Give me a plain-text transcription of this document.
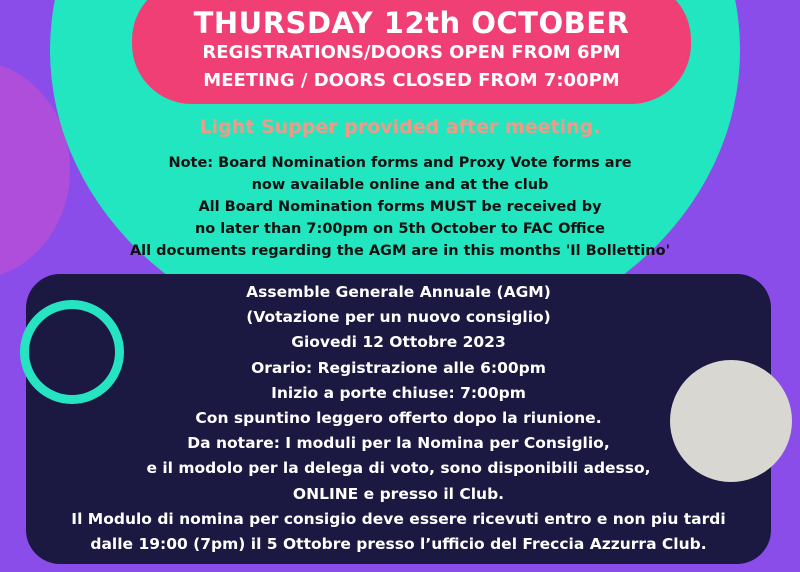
THURSDAY 12th OCTOBER
REGISTRATIONS/DOORS OPEN FROM 6PM
MEETING / DOORS CLOSED FROM 7:00PM
Light Supper provided after meeting.
Note: Board Nomination forms and Proxy Vote forms are
now available online and at the club
All Board Nomination forms MUST be received by
no later than 7:00pm on 5th October to FAC Office
All documents regarding the AGM are in this months 'Il Bollettino'
Assemble Generale Annuale (AGM)
(Votazione per un nuovo consiglio)
Giovedi 12 Ottobre 2023
Orario: Registrazione alle 6:00pm
Inizio a porte chiuse: 7:00pm
Con spuntino leggero offerto dopo la riunione.
Da notare: I moduli per la Nomina per Consiglio,
e il modolo per la delega di voto, sono disponibili adesso,
ONLINE e presso il Club.
Il Modulo di nomina per consigio deve essere ricevuti entro e non piu tardi
dalle 19:00 (7pm) il 5 Ottobre presso l’ufficio del Freccia Azzurra Club.
